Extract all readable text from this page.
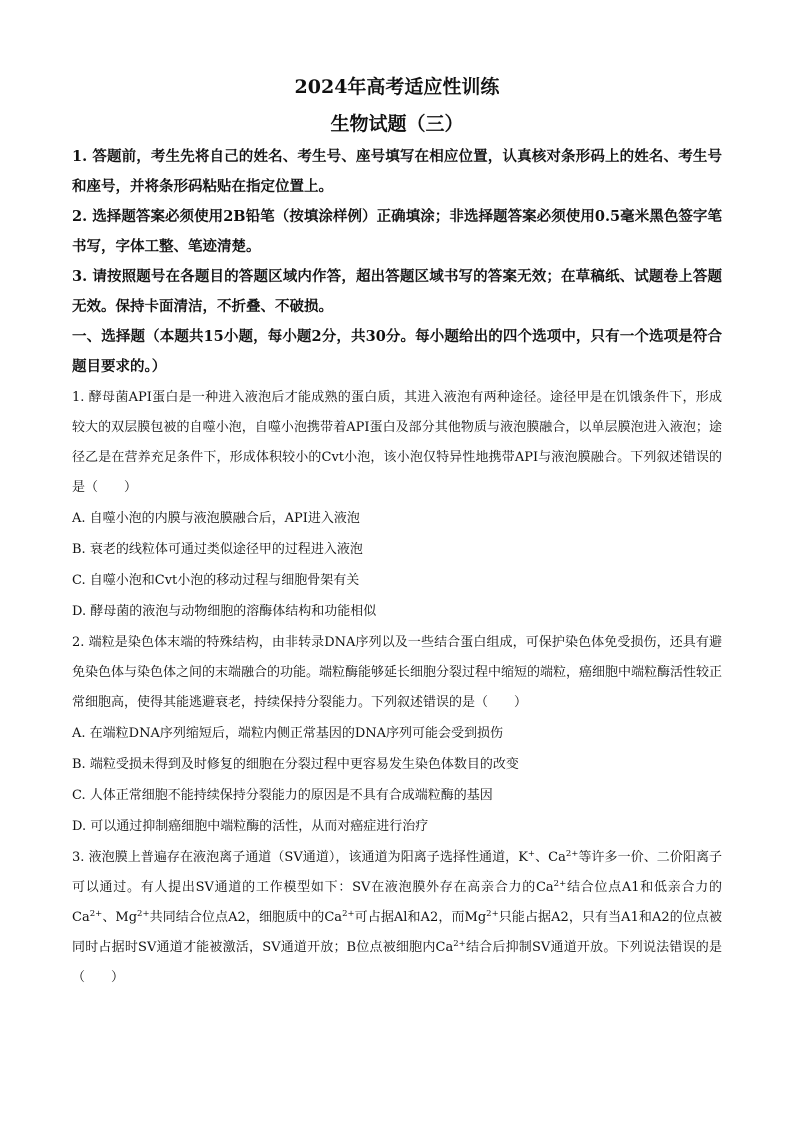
2024年高考适应性训练
生物试题（三）

1. 答题前，考生先将自己的姓名、考生号、座号填写在相应位置，认真核对条形码上的姓名、考生号和座号，并将条形码粘贴在指定位置上。

2. 选择题答案必须使用2B铅笔（按填涂样例）正确填涂；非选择题答案必须使用0.5毫米黑色签字笔书写，字体工整、笔迹清楚。

3. 请按照题号在各题目的答题区域内作答，超出答题区域书写的答案无效；在草稿纸、试题卷上答题无效。保持卡面清洁，不折叠、不破损。

一、选择题（本题共15小题，每小题2分，共30分。每小题给出的四个选项中，只有一个选项是符合题目要求的。）

1. 酵母菌API蛋白是一种进入液泡后才能成熟的蛋白质，其进入液泡有两种途径。途径甲是在饥饿条件下，形成较大的双层膜包被的自噬小泡，自噬小泡携带着API蛋白及部分其他物质与液泡膜融合，以单层膜泡进入液泡；途径乙是在营养充足条件下，形成体积较小的Cvt小泡，该小泡仅特异性地携带API与液泡膜融合。下列叙述错误的是（　　）

A. 自噬小泡的内膜与液泡膜融合后，API进入液泡

B. 衰老的线粒体可通过类似途径甲的过程进入液泡

C. 自噬小泡和Cvt小泡的移动过程与细胞骨架有关

D. 酵母菌的液泡与动物细胞的溶酶体结构和功能相似

2. 端粒是染色体末端的特殊结构，由非转录DNA序列以及一些结合蛋白组成，可保护染色体免受损伤，还具有避免染色体与染色体之间的末端融合的功能。端粒酶能够延长细胞分裂过程中缩短的端粒，癌细胞中端粒酶活性较正常细胞高，使得其能逃避衰老，持续保持分裂能力。下列叙述错误的是（　　）

A. 在端粒DNA序列缩短后，端粒内侧正常基因的DNA序列可能会受到损伤

B. 端粒受损未得到及时修复的细胞在分裂过程中更容易发生染色体数目的改变

C. 人体正常细胞不能持续保持分裂能力的原因是不具有合成端粒酶的基因

D. 可以通过抑制癌细胞中端粒酶的活性，从而对癌症进行治疗

3. 液泡膜上普遍存在液泡离子通道（SV通道），该通道为阳离子选择性通道，K+、$Ca^{2+}$等许多一价、二价阳离子可以通过。有人提出SV通道的工作模型如下：SV在液泡膜外存在高亲合力的$Ca^{2+}$结合位点A1和低亲合力的$Ca^{2+}$、$Mg^{2+}$共同结合位点A2，细胞质中的$Ca^{2+}$可占据Al和A2，而$Mg^{2+}$只能占据A2，只有当A1和A2的位点被同时占据时SV通道才能被激活，SV通道开放；B位点被细胞内$Ca^{2+}$结合后抑制SV通道开放。下列说法错误的是（　　）
